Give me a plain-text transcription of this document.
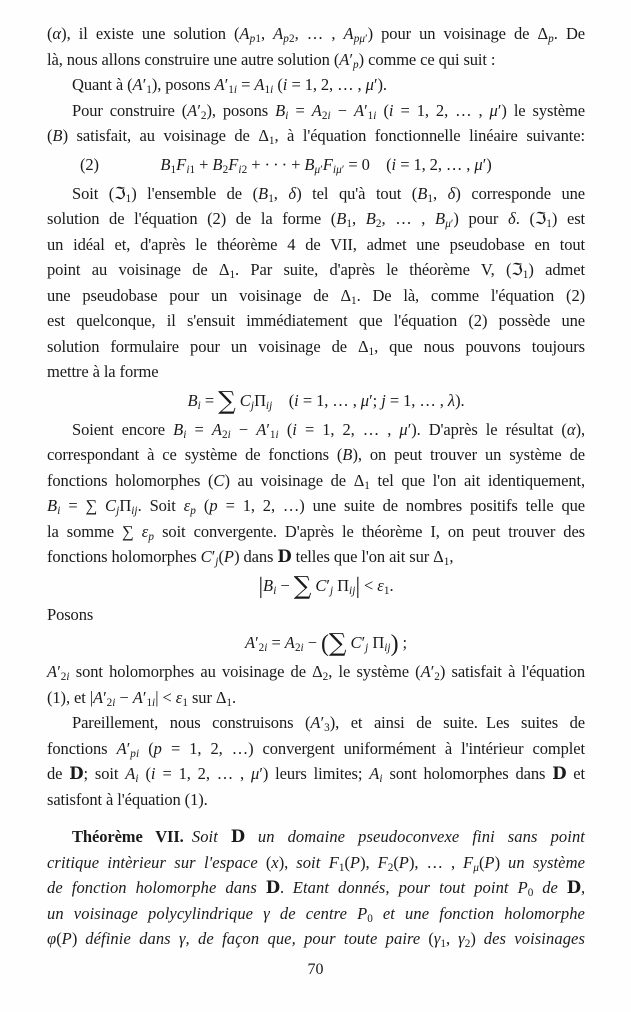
(α), il existe une solution ($A_{p1}$, $A_{p2}$, … , $A_{p\mu'}$) pour un voisinage de $\Delta_p$. De
là, nous allons construire une autre solution $(A'_p)$ comme ce qui suit :
Quant à $(A'_1)$, posons $A'_{1i} = A_{1i}$ (i = 1, 2, … , μ′).
Pour construire $(A'_2)$, posons $B_i = A_{2i} - A'_{1i}$ (i = 1, 2, … , μ′) le système
(B) satisfait, au voisinage de $\Delta_1$, à l'équation fonctionnelle linéaire suivante:
(2)	$B_1F_{i1} + B_2F_{i2}$ + · · · + $B_{\mu'}F_{i\mu'} = 0$ (i = 1, 2, … , μ′)
Soit (ℑ$_1$) l'ensemble de ($B_1$, δ) tel qu'à tout ($B_1$, δ) corresponde une
solution de l'équation (2) de la forme ($B_1$, $B_2$, … , $B_{\mu'}$) pour δ. (ℑ$_1$) est
un idéal et, d'après le théorème 4 de VII, admet une pseudobase en tout
point au voisinage de $\Delta_1$. Par suite, d'après le théorème V, (ℑ$_1$) admet
une pseudobase pour un voisinage de $\Delta_1$. De là, comme l'équation (2)
est quelconque, il s'ensuit immédiatement que l'équation (2) possède une
solution formulaire pour un voisinage de $\Delta_1$, que nous pouvons toujours
mettre à la forme
$B_i$ = ∑ $C_j\Pi_{ij}$ (i = 1, … , μ′; j = 1, … , λ).
Soient encore $B_i = A_{2i} - A'_{1i}$ (i = 1, 2, … , μ′). D'après le résultat (α),
correspondant à ce système de fonctions (B), on peut trouver un système de
fonctions holomorphes (C) au voisinage de $\Delta_1$ tel que l'on ait identiquement,
$B_i$ = ∑ $C_j\Pi_{ij}$. Soit $\varepsilon_p$ (p = 1, 2, …) une suite de nombres positifs telle que
la somme ∑ $\varepsilon_p$ soit convergente. D'après le théorème I, on peut trouver des
fonctions holomorphes $C'_j(P)$ dans D telles que l'on ait sur $\Delta_1$,
$|B_i$ − ∑ $C'_j$ $\Pi_{ij}| < \varepsilon_1$.
Posons
$A'_{2i} = A_{2i}$ − (∑ $C'_j$ $\Pi_{ij}$) ;
$A'_{2i}$ sont holomorphes au voisinage de $\Delta_2$, le système $(A'_2)$ satisfait à l'équation
(1), et $|A'_{2i} - A'_{1i}| < \varepsilon_1$ sur $\Delta_1$.
Pareillement, nous construisons $(A'_3)$, et ainsi de suite. Les suites de
fonctions $A'_{pi}$ (p = 1, 2, …) convergent uniformément à l'intérieur complet
de D; soit $A_i$ (i = 1, 2, … , μ′) leurs limites; $A_i$ sont holomorphes dans D et
satisfont à l'équation (1).
Théorème VII.  Soit D un domaine pseudoconvexe fini sans point
critique intèrieur sur l'espace (x), soit $F_1(P)$, $F_2(P)$, … , $F_\mu(P)$ un système
de fonction holomorphe dans D. Etant donnés, pour tout point $P_0$ de D,
un voisinage polycylindrique γ de centre $P_0$ et une fonction holomorphe
φ(P) définie dans γ, de façon que, pour toute paire ($\gamma_1$, $\gamma_2$) des voisinages
70
